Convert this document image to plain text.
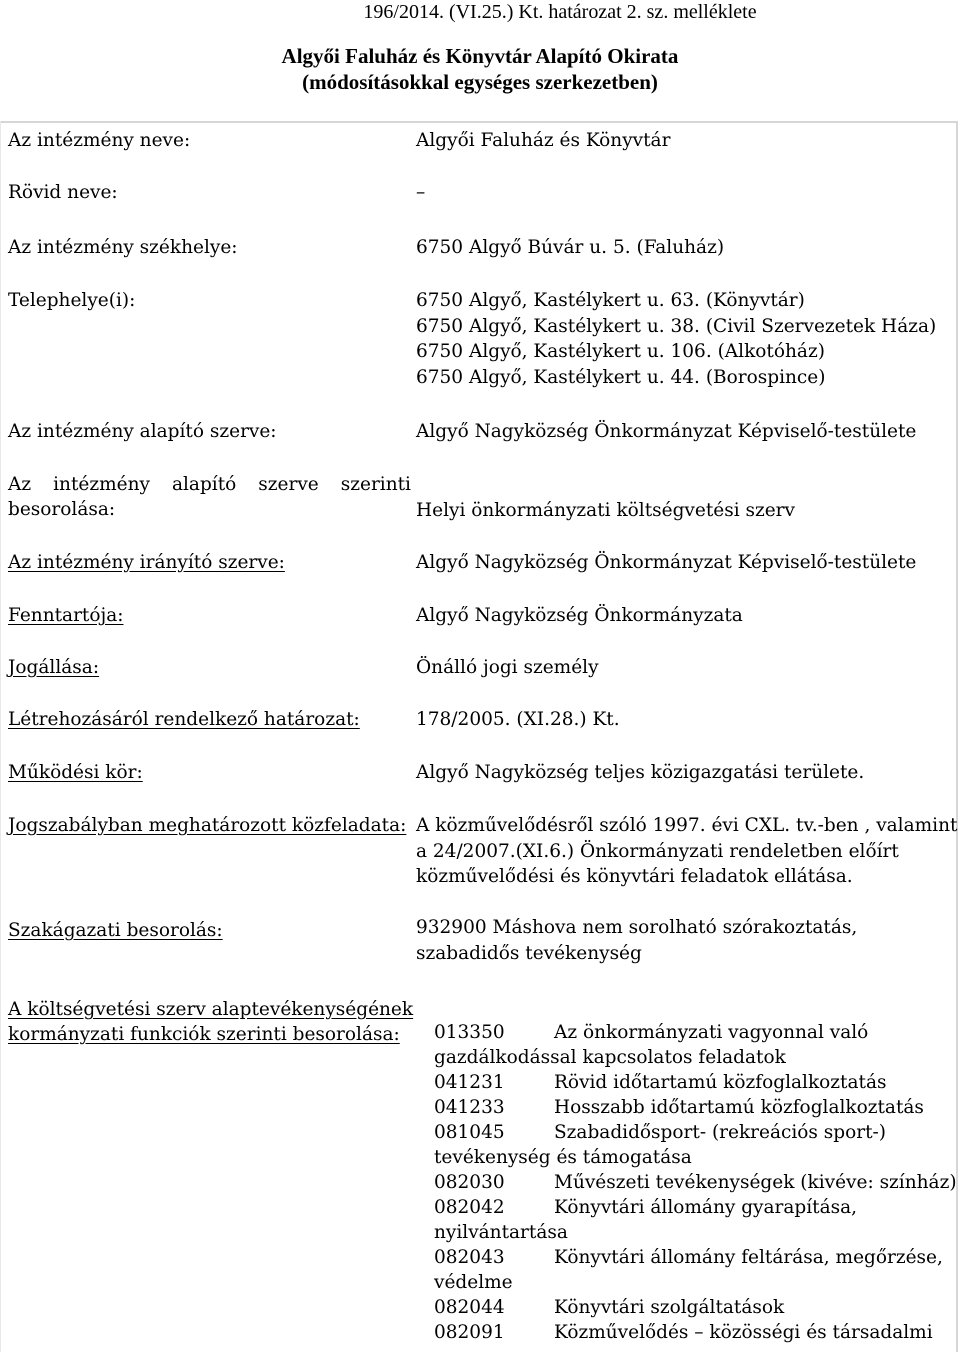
196/2014. (VI.25.) Kt. határozat 2. sz. melléklete
Algyői Faluház és Könyvtár Alapító Okirata
(módosításokkal egységes szerkezetben)
Az intézmény neve:	Algyői Faluház és Könyvtár
Rövid neve:	–
Az intézmény székhelye:	6750 Algyő Búvár u. 5. (Faluház)
Telephelye(i):	6750 Algyő, Kastélykert u. 63. (Könyvtár)
6750 Algyő, Kastélykert u. 38. (Civil Szervezetek Háza)
6750 Algyő, Kastélykert u. 106. (Alkotóház)
6750 Algyő, Kastélykert u. 44. (Borospince)
Az intézmény alapító szerve:	Algyő Nagyközség Önkormányzat Képviselő-testülete
Az intézmény alapító szerve szerinti
besorolása:	Helyi önkormányzati költségvetési szerv
Az intézmény irányító szerve:	Algyő Nagyközség Önkormányzat Képviselő-testülete
Fenntartója:	Algyő Nagyközség Önkormányzata
Jogállása:	Önálló jogi személy
Létrehozásáról rendelkező határozat:	178/2005. (XI.28.) Kt.
Működési kör:	Algyő Nagyközség teljes közigazgatási területe.
Jogszabályban meghatározott közfeladata: A közművelődésről szóló 1997. évi CXL. tv.-ben , valamint
a 24/2007.(XI.6.) Önkormányzati rendeletben előírt
közművelődési és könyvtári feladatok ellátása.
Szakágazati besorolás:	932900 Máshova nem sorolható szórakoztatás,
szabadidős tevékenység
A költségvetési szerv alaptevékenységének
kormányzati funkciók szerinti besorolása:	013350	Az önkormányzati vagyonnal való
gazdálkodással kapcsolatos feladatok
041231	Rövid időtartamú közfoglalkoztatás
041233	Hosszabb időtartamú közfoglalkoztatás
081045	Szabadidősport- (rekreációs sport-)
tevékenység és támogatása
082030	Művészeti tevékenységek (kivéve: színház)
082042	Könyvtári állomány gyarapítása,
nyilvántartása
082043	Könyvtári állomány feltárása, megőrzése,
védelme
082044	Könyvtári szolgáltatások
082091	Közművelődés – közösségi és társadalmi
